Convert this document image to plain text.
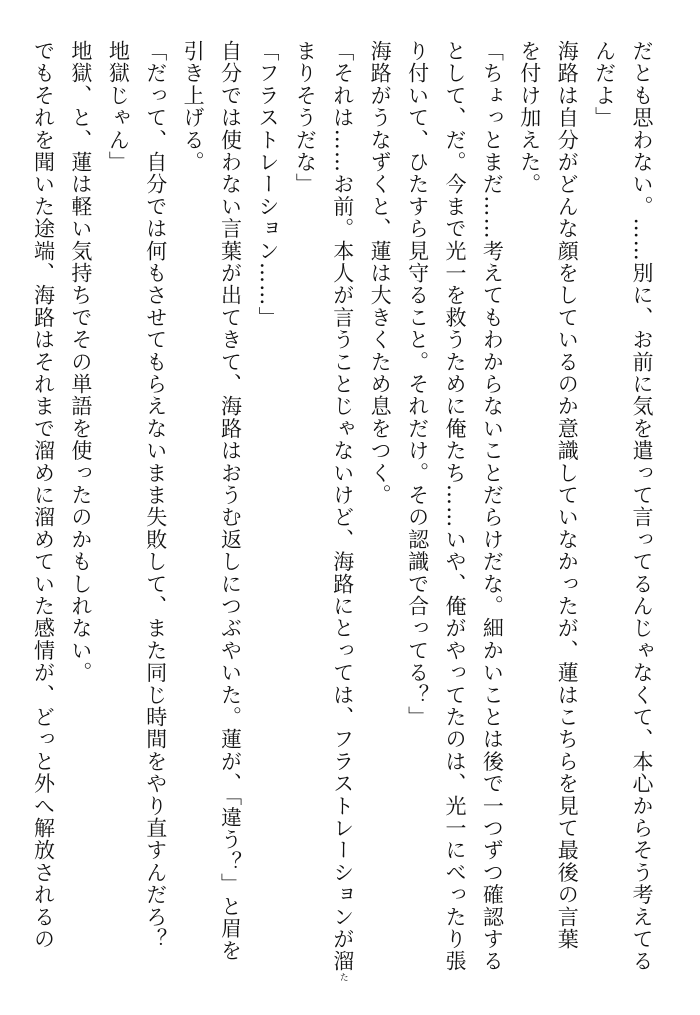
だとも思わない。……別に、お前に気を遣って言ってるんじゃなくて、本心からそう考えてる
んだよ」
海路は自分がどんな顔をしているのか意識していなかったが、蓮はこちらを見て最後の言葉
を付け加えた。
「ちょっとまだ……考えてもわからないことだらけだな。細かいことは後で一つずつ確認する
として、だ。今まで光一を救うために俺たち……いや、俺がやってたのは、光一にべったり張
り付いて、ひたすら見守ること。それだけ。その認識で合ってる？」
海路がうなずくと、蓮は大きくため息をつく。
「それは……お前。本人が言うことじゃないけど、海路にとっては、フラストレーションが溜た
まりそうだな」
「フラストレーション……」
自分では使わない言葉が出てきて、海路はおうむ返しにつぶやいた。蓮が、「違う？」と眉を
引き上げる。
「だって、自分では何もさせてもらえないまま失敗して、また同じ時間をやり直すんだろ？
地獄じゃん」
地獄、と、蓮は軽い気持ちでその単語を使ったのかもしれない。
でもそれを聞いた途端、海路はそれまで溜めに溜めていた感情が、どっと外へ解放されるの
